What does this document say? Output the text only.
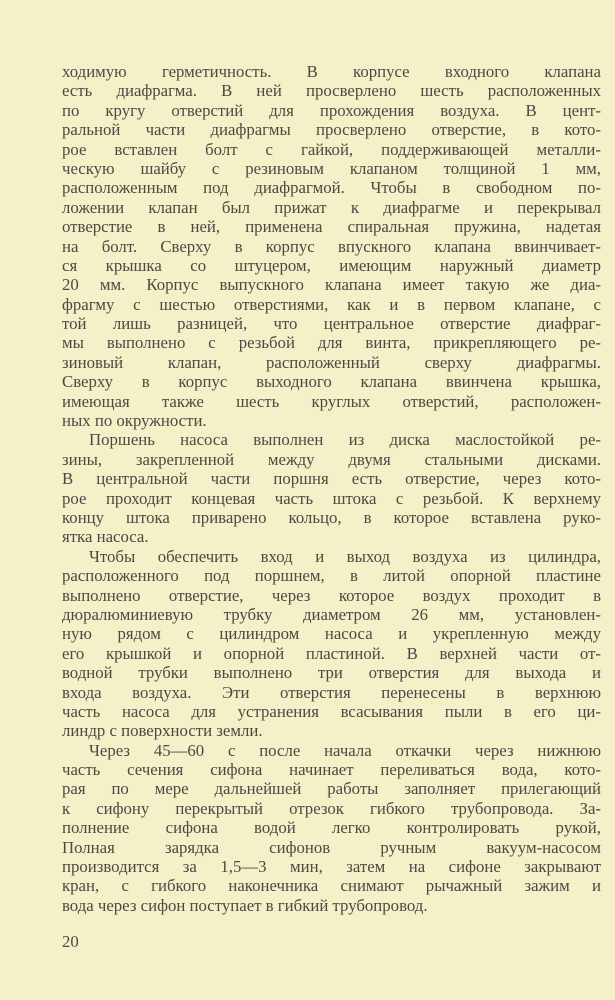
ходимую герметичность. В корпусе входного клапана
есть диафрагма. В ней просверлено шесть расположенных
по кругу отверстий для прохождения воздуха. В цент-
ральной части диафрагмы просверлено отверстие, в кото-
рое вставлен болт с гайкой, поддерживающей металли-
ческую шайбу с резиновым клапаном толщиной 1 мм,
расположенным под диафрагмой. Чтобы в свободном по-
ложении клапан был прижат к диафрагме и перекрывал
отверстие в ней, применена спиральная пружина, надетая
на болт. Сверху в корпус впускного клапана ввинчивает-
ся крышка со штуцером, имеющим наружный диаметр
20 мм. Корпус выпускного клапана имеет такую же диа-
фрагму с шестью отверстиями, как и в первом клапане, с
той лишь разницей, что центральное отверстие диафраг-
мы выполнено с резьбой для винта, прикрепляющего ре-
зиновый клапан, расположенный сверху диафрагмы.
Сверху в корпус выходного клапана ввинчена крышка,
имеющая также шесть круглых отверстий, расположен-
ных по окружности.
Поршень насоса выполнен из диска маслостойкой ре-
зины, закрепленной между двумя стальными дисками.
В центральной части поршня есть отверстие, через кото-
рое проходит концевая часть штока с резьбой. К верхнему
концу штока приварено кольцо, в которое вставлена руко-
ятка насоса.
Чтобы обеспечить вход и выход воздуха из цилиндра,
расположенного под поршнем, в литой опорной пластине
выполнено отверстие, через которое воздух проходит в
дюралюминиевую трубку диаметром 26 мм, установлен-
ную рядом с цилиндром насоса и укрепленную между
его крышкой и опорной пластиной. В верхней части от-
водной трубки выполнено три отверстия для выхода и
входа воздуха. Эти отверстия перенесены в верхнюю
часть насоса для устранения всасывания пыли в его ци-
линдр с поверхности земли.
Через 45—60 с после начала откачки через нижнюю
часть сечения сифона начинает переливаться вода, кото-
рая по мере дальнейшей работы заполняет прилегающий
к сифону перекрытый отрезок гибкого трубопровода. За-
полнение сифона водой легко контролировать рукой,
Полная зарядка сифонов ручным вакуум-насосом
производится за 1,5—3 мин, затем на сифоне закрывают
кран, с гибкого наконечника снимают рычажный зажим и
вода через сифон поступает в гибкий трубопровод.
20
